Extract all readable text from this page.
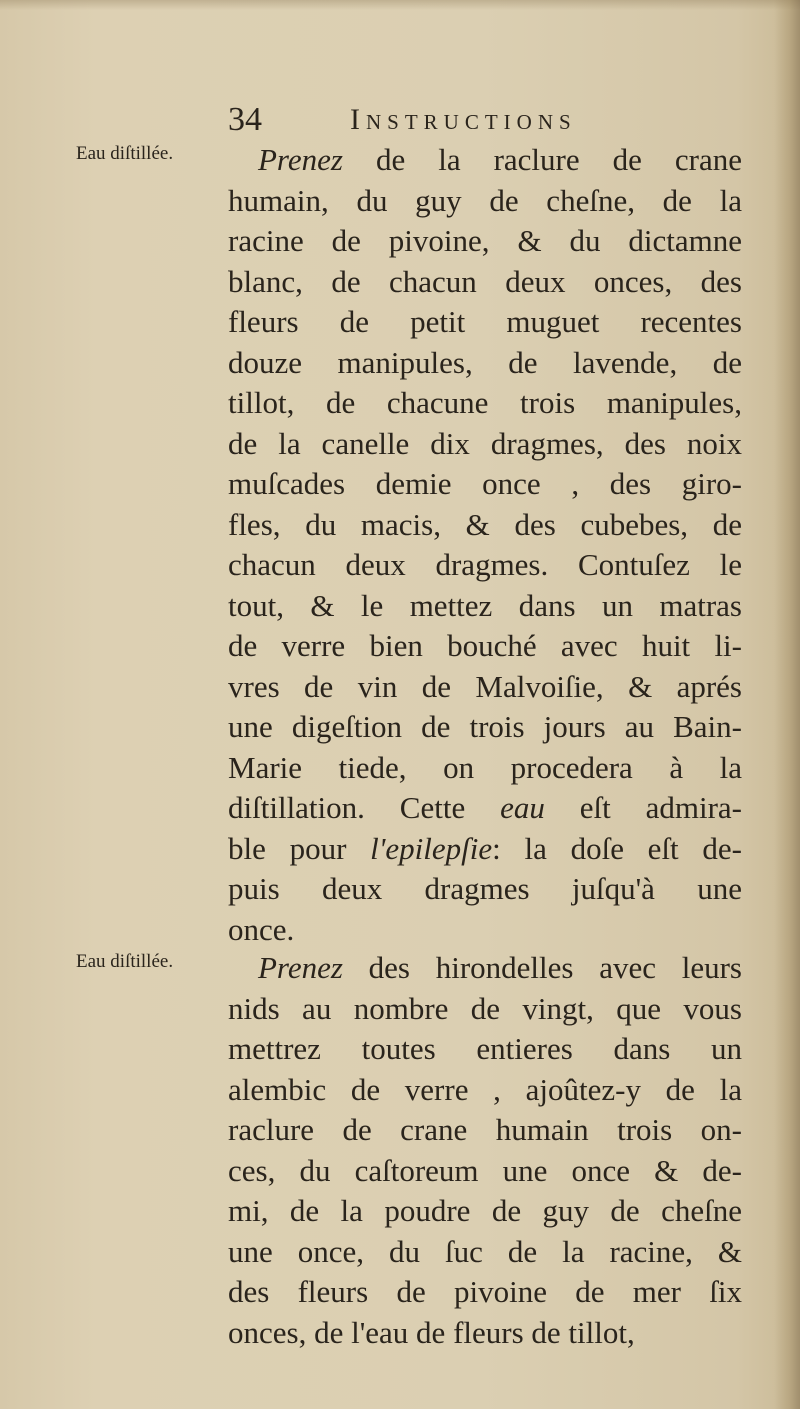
34	Instructions
Eau diſtillée.
Eau diſtillée.
Prenez de la raclure de crane
humain, du guy de cheſne, de la
racine de pivoine, & du dictamne
blanc, de chacun deux onces, des
fleurs de petit muguet recentes
douze manipules, de lavende, de
tillot, de chacune trois manipules,
de la canelle dix dragmes, des noix
muſcades demie once , des giro-
fles, du macis, & des cubebes, de
chacun deux dragmes. Contuſez le
tout, & le mettez dans un matras
de verre bien bouché avec huit li-
vres de vin de Malvoiſie, & aprés
une digeſtion de trois jours au Bain-
Marie tiede, on procedera à la
diſtillation. Cette eau eſt admira-
ble pour l'epilepſie: la doſe eſt de-
puis deux dragmes juſqu'à une
once.
Prenez des hirondelles avec leurs
nids au nombre de vingt, que vous
mettrez toutes entieres dans un
alembic de verre , ajoûtez-y de la
raclure de crane humain trois on-
ces, du caſtoreum une once & de-
mi, de la poudre de guy de cheſne
une once, du ſuc de la racine, &
des fleurs de pivoine de mer ſix
onces, de l'eau de fleurs de tillot,
